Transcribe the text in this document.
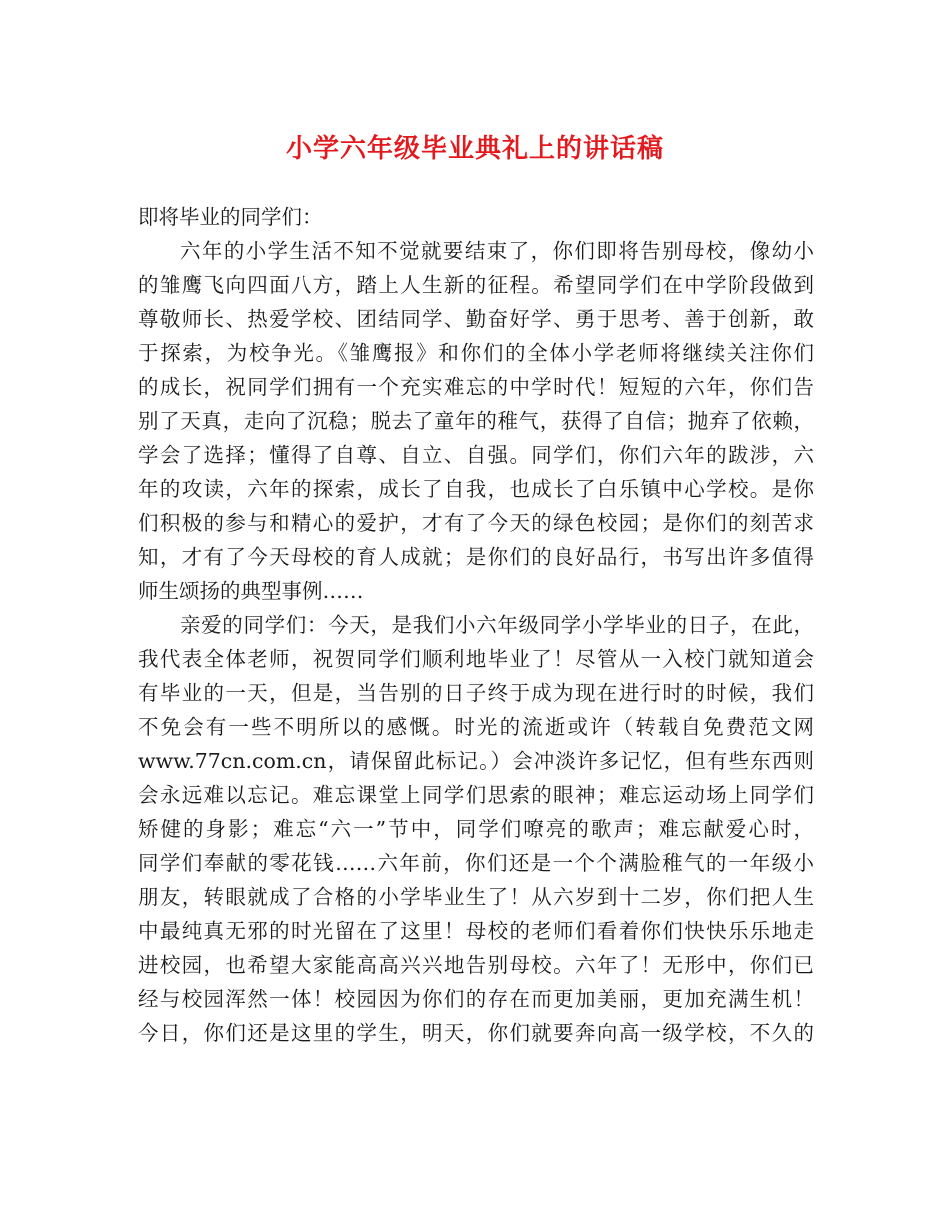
小学六年级毕业典礼上的讲话稿
即将毕业的同学们：
六年的小学生活不知不觉就要结束了，你们即将告别母校，像幼小
的雏鹰飞向四面八方，踏上人生新的征程。希望同学们在中学阶段做到
尊敬师长、热爱学校、团结同学、勤奋好学、勇于思考、善于创新，敢
于探索，为校争光。《雏鹰报》和你们的全体小学老师将继续关注你们
的成长，祝同学们拥有一个充实难忘的中学时代！短短的六年，你们告
别了天真，走向了沉稳；脱去了童年的稚气，获得了自信；抛弃了依赖，
学会了选择；懂得了自尊、自立、自强。同学们，你们六年的跋涉，六
年的攻读，六年的探索，成长了自我，也成长了白乐镇中心学校。是你
们积极的参与和精心的爱护，才有了今天的绿色校园；是你们的刻苦求
知，才有了今天母校的育人成就；是你们的良好品行，书写出许多值得
师生颂扬的典型事例……
亲爱的同学们：今天，是我们小六年级同学小学毕业的日子，在此，
我代表全体老师，祝贺同学们顺利地毕业了！尽管从一入校门就知道会
有毕业的一天，但是，当告别的日子终于成为现在进行时的时候，我们
不免会有一些不明所以的感慨。时光的流逝或许（转载自免费范文网
www.77cn.com.cn，请保留此标记。）会冲淡许多记忆，但有些东西则
会永远难以忘记。难忘课堂上同学们思索的眼神；难忘运动场上同学们
矫健的身影；难忘“六一”节中，同学们嘹亮的歌声；难忘献爱心时，
同学们奉献的零花钱……六年前，你们还是一个个满脸稚气的一年级小
朋友，转眼就成了合格的小学毕业生了！从六岁到十二岁，你们把人生
中最纯真无邪的时光留在了这里！母校的老师们看着你们快快乐乐地走
进校园，也希望大家能高高兴兴地告别母校。六年了！无形中，你们已
经与校园浑然一体！校园因为你们的存在而更加美丽，更加充满生机！
今日，你们还是这里的学生，明天，你们就要奔向高一级学校，不久的
